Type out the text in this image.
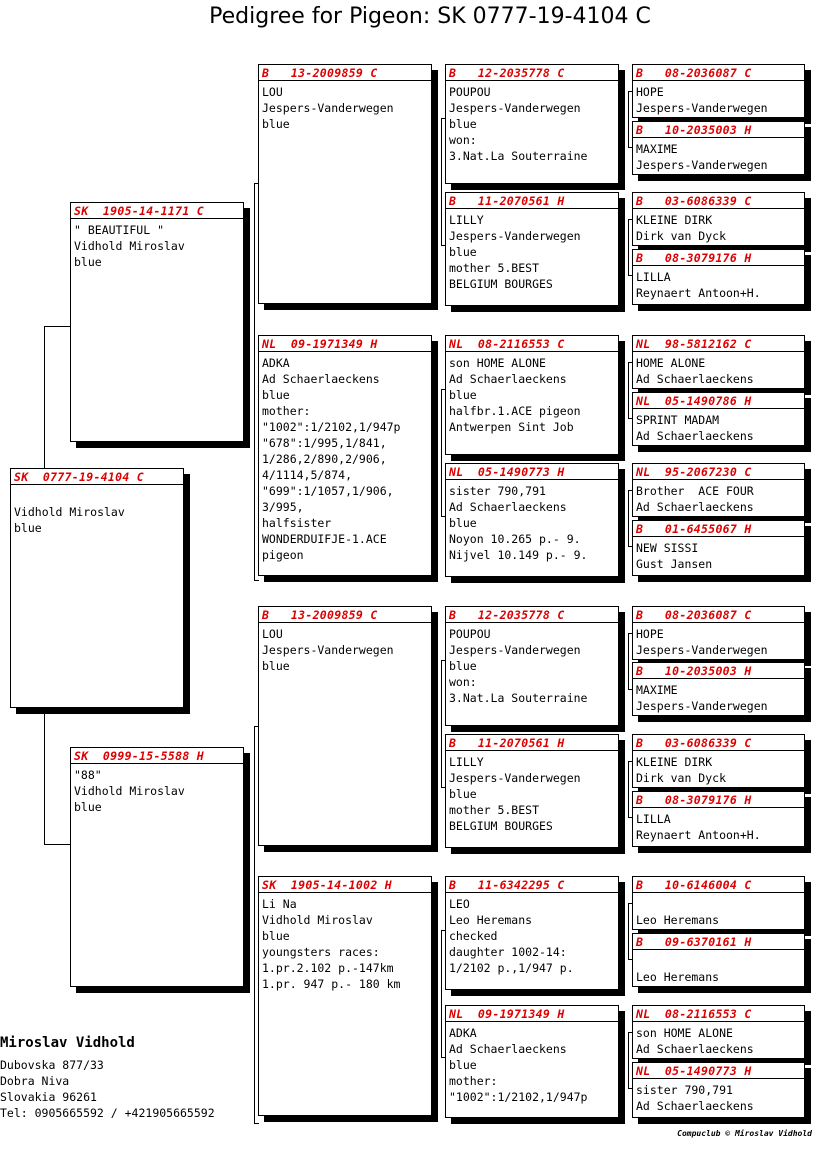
Pedigree for Pigeon: SK 0777-19-4104 C
SK  0777-19-4104 C

Vidhold Miroslav
blue
SK  1905-14-1171 C
" BEAUTIFUL "
Vidhold Miroslav
blue
SK  0999-15-5588 H
"88"
Vidhold Miroslav
blue
B   13-2009859 C
LOU
Jespers-Vanderwegen
blue
NL  09-1971349 H
ADKA
Ad Schaerlaeckens
blue
mother:
"1002":1/2102,1/947p
"678":1/995,1/841,
1/286,2/890,2/906,
4/1114,5/874,
"699":1/1057,1/906,
3/995,
halfsister
WONDERDUIFJE-1.ACE
pigeon
B   13-2009859 C
LOU
Jespers-Vanderwegen
blue
SK  1905-14-1002 H
Li Na
Vidhold Miroslav
blue
youngsters races:
1.pr.2.102 p.-147km
1.pr. 947 p.- 180 km
B   12-2035778 C
POUPOU
Jespers-Vanderwegen
blue
won:
3.Nat.La Souterraine
B   11-2070561 H
LILLY
Jespers-Vanderwegen
blue
mother 5.BEST
BELGIUM BOURGES
NL  08-2116553 C
son HOME ALONE
Ad Schaerlaeckens
blue
halfbr.1.ACE pigeon
Antwerpen Sint Job
NL  05-1490773 H
sister 790,791
Ad Schaerlaeckens
blue
Noyon 10.265 p.- 9.
Nijvel 10.149 p.- 9.
B   12-2035778 C
POUPOU
Jespers-Vanderwegen
blue
won:
3.Nat.La Souterraine
B   11-2070561 H
LILLY
Jespers-Vanderwegen
blue
mother 5.BEST
BELGIUM BOURGES
B   11-6342295 C
LEO
Leo Heremans
checked
daughter 1002-14:
1/2102 p.,1/947 p.
NL  09-1971349 H
ADKA
Ad Schaerlaeckens
blue
mother:
"1002":1/2102,1/947p
B   08-2036087 C
HOPE
Jespers-Vanderwegen
B   10-2035003 H
MAXIME
Jespers-Vanderwegen
B   03-6086339 C
KLEINE DIRK
Dirk van Dyck
B   08-3079176 H
LILLA
Reynaert Antoon+H.
NL  98-5812162 C
HOME ALONE
Ad Schaerlaeckens
NL  05-1490786 H
SPRINT MADAM
Ad Schaerlaeckens
NL  95-2067230 C
Brother  ACE FOUR
Ad Schaerlaeckens
B   01-6455067 H
NEW SISSI
Gust Jansen
B   08-2036087 C
HOPE
Jespers-Vanderwegen
B   10-2035003 H
MAXIME
Jespers-Vanderwegen
B   03-6086339 C
KLEINE DIRK
Dirk van Dyck
B   08-3079176 H
LILLA
Reynaert Antoon+H.
B   10-6146004 C

Leo Heremans
B   09-6370161 H

Leo Heremans
NL  08-2116553 C
son HOME ALONE
Ad Schaerlaeckens
NL  05-1490773 H
sister 790,791
Ad Schaerlaeckens
Miroslav Vidhold
Dubovska 877/33
Dobra Niva
Slovakia 96261
Tel: 0905665592 / +421905665592
Compuclub © Miroslav Vidhold
